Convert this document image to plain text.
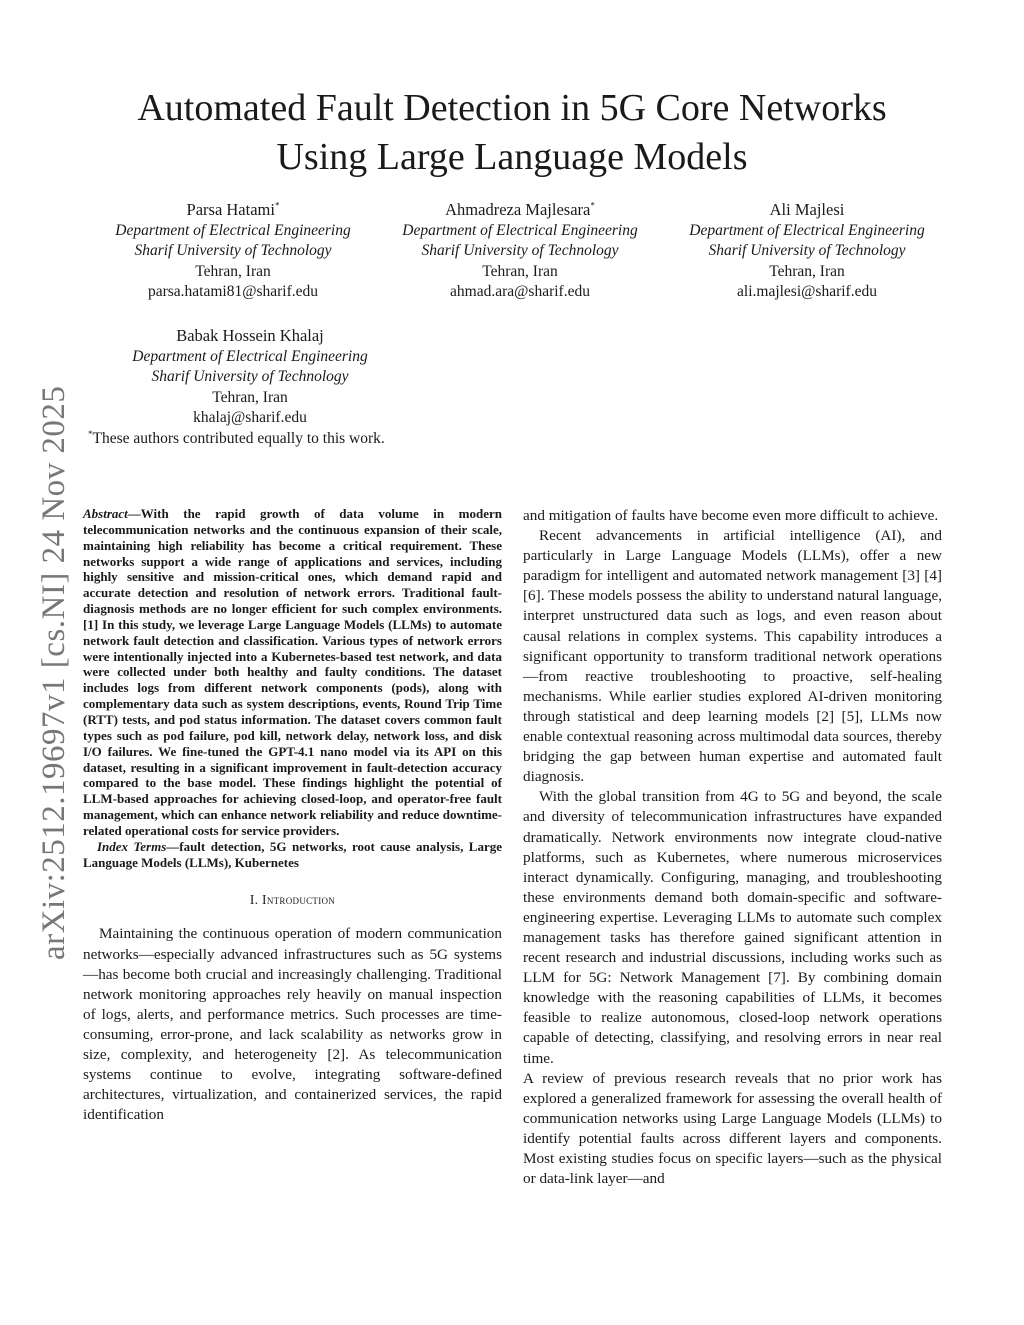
arXiv:2512.19697v1 [cs.NI] 24 Nov 2025
Automated Fault Detection in 5G Core Networks
Using Large Language Models
Parsa Hatami*
Department of Electrical Engineering
Sharif University of Technology
Tehran, Iran
parsa.hatami81@sharif.edu
Ahmadreza Majlesara*
Department of Electrical Engineering
Sharif University of Technology
Tehran, Iran
ahmad.ara@sharif.edu
Ali Majlesi
Department of Electrical Engineering
Sharif University of Technology
Tehran, Iran
ali.majlesi@sharif.edu
Babak Hossein Khalaj
Department of Electrical Engineering
Sharif University of Technology
Tehran, Iran
khalaj@sharif.edu
*These authors contributed equally to this work.

Abstract—With the rapid growth of data volume in modern telecommunication networks and the continuous expansion of their scale, maintaining high reliability has become a critical requirement. These networks support a wide range of applications and services, including highly sensitive and mission-critical ones, which demand rapid and accurate detection and resolution of network errors. Traditional fault-diagnosis methods are no longer efficient for such complex environments. [1] In this study, we leverage Large Language Models (LLMs) to automate network fault detection and classification. Various types of network errors were intentionally injected into a Kubernetes-based test network, and data were collected under both healthy and faulty conditions. The dataset includes logs from different network components (pods), along with complementary data such as system descriptions, events, Round Trip Time (RTT) tests, and pod status information. The dataset covers common fault types such as pod failure, pod kill, network delay, network loss, and disk I/O failures. We fine-tuned the GPT-4.1 nano model via its API on this dataset, resulting in a significant improvement in fault-detection accuracy compared to the base model. These findings highlight the potential of LLM-based approaches for achieving closed-loop, and operator-free fault management, which can enhance network reliability and reduce downtime-related operational costs for service providers.

Index Terms—fault detection, 5G networks, root cause analysis, Large Language Models (LLMs), Kubernetes

I. Introduction

Maintaining the continuous operation of modern communication networks—especially advanced infrastructures such as 5G systems—has become both crucial and increasingly challenging. Traditional network monitoring approaches rely heavily on manual inspection of logs, alerts, and performance metrics. Such processes are time-consuming, error-prone, and lack scalability as networks grow in size, complexity, and heterogeneity [2]. As telecommunication systems continue to evolve, integrating software-defined architectures, virtualization, and containerized services, the rapid identification

and mitigation of faults have become even more difficult to achieve.

Recent advancements in artificial intelligence (AI), and particularly in Large Language Models (LLMs), offer a new paradigm for intelligent and automated network management [3] [4] [6]. These models possess the ability to understand natural language, interpret unstructured data such as logs, and even reason about causal relations in complex systems. This capability introduces a significant opportunity to transform traditional network operations—from reactive troubleshooting to proactive, self-healing mechanisms. While earlier studies explored AI-driven monitoring through statistical and deep learning models [2] [5], LLMs now enable contextual reasoning across multimodal data sources, thereby bridging the gap between human expertise and automated fault diagnosis.

With the global transition from 4G to 5G and beyond, the scale and diversity of telecommunication infrastructures have expanded dramatically. Network environments now integrate cloud-native platforms, such as Kubernetes, where numerous microservices interact dynamically. Configuring, managing, and troubleshooting these environments demand both domain-specific and software-engineering expertise. Leveraging LLMs to automate such complex management tasks has therefore gained significant attention in recent research and industrial discussions, including works such as LLM for 5G: Network Management [7]. By combining domain knowledge with the reasoning capabilities of LLMs, it becomes feasible to realize autonomous, closed-loop network operations capable of detecting, classifying, and resolving errors in near real time.

A review of previous research reveals that no prior work has explored a generalized framework for assessing the overall health of communication networks using Large Language Models (LLMs) to identify potential faults across different layers and components. Most existing studies focus on specific layers—such as the physical or data-link layer—and
